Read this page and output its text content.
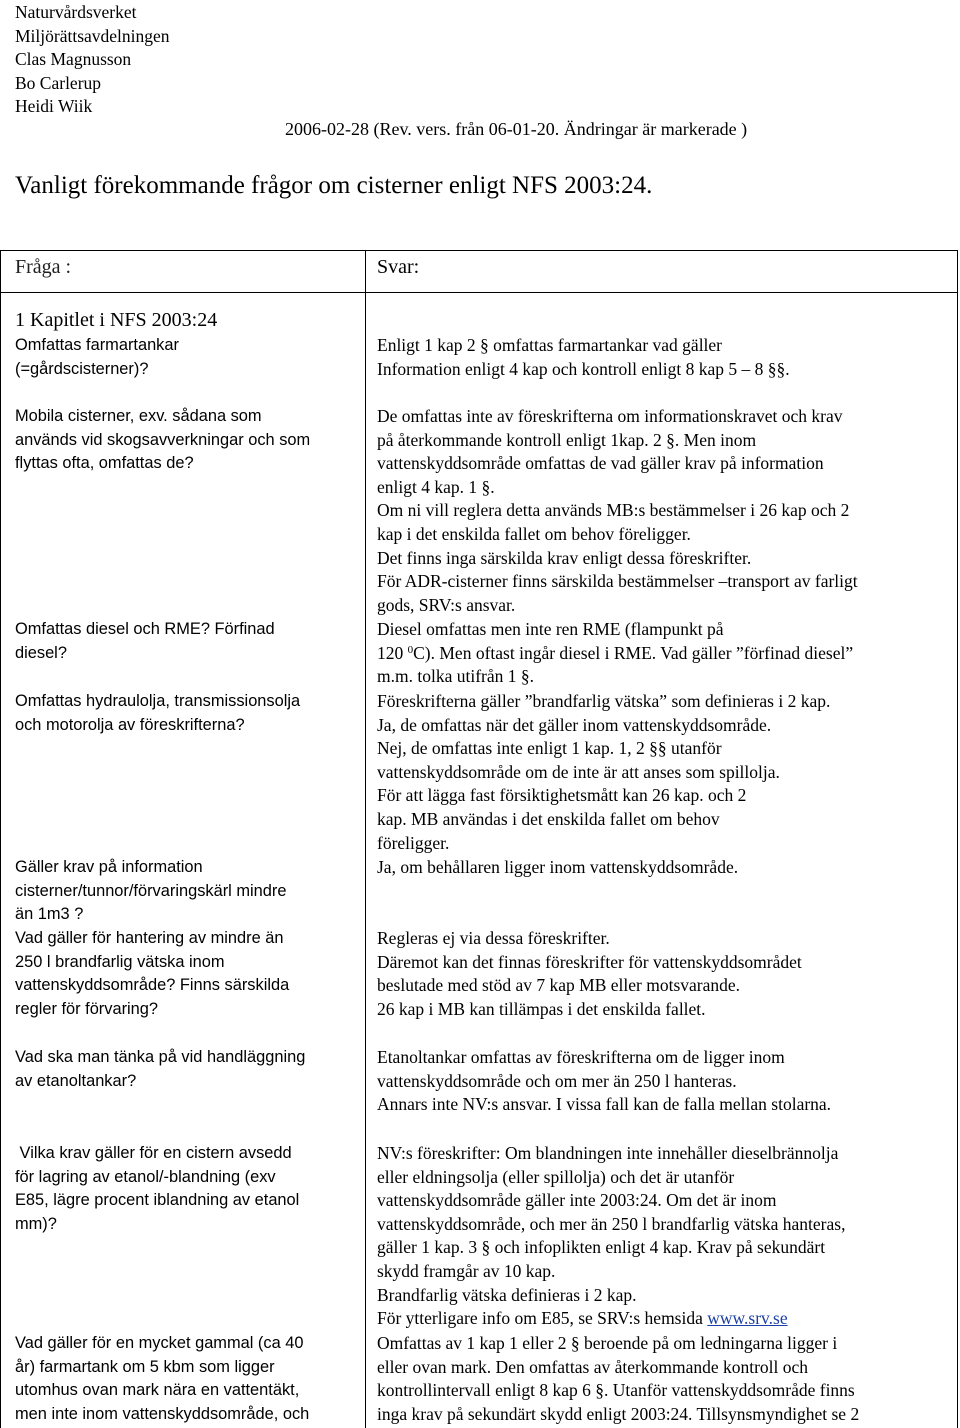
Naturvårdsverket
Miljörättsavdelningen
Clas Magnusson
Bo Carlerup
Heidi Wiik
2006-02-28 (Rev. vers. från 06-01-20. Ändringar är markerade )
Vanligt förekommande frågor om cisterner enligt NFS 2003:24.
Fråga :	Svar:
1 Kapitlet i NFS 2003:24
Omfattas farmartankar
(=gårdscisterner)?
Enligt 1 kap 2 § omfattas farmartankar vad gäller
Information enligt 4 kap och kontroll enligt 8 kap 5 – 8 §§.
Mobila cisterner, exv. sådana som
används vid skogsavverkningar och som
flyttas ofta, omfattas de?
De omfattas inte av föreskrifterna om informationskravet och krav
på återkommande kontroll enligt 1kap. 2 §. Men inom
vattenskyddsområde omfattas de vad gäller krav på information
enligt 4 kap. 1 §.
Om ni vill reglera detta används MB:s bestämmelser i 26 kap och 2
kap i det enskilda fallet om behov föreligger.
Det finns inga särskilda krav enligt dessa föreskrifter.
För ADR-cisterner finns särskilda bestämmelser –transport av farligt
gods, SRV:s ansvar.
Omfattas diesel och RME? Förfinad
diesel?
Diesel omfattas men inte ren RME (flampunkt på
120 $^0$C). Men oftast ingår diesel i RME. Vad gäller ”förfinad diesel”
m.m. tolka utifrån 1 §.
Omfattas hydraulolja, transmissionsolja
och motorolja av föreskrifterna?
Föreskrifterna gäller ”brandfarlig vätska” som definieras i 2 kap.
Ja, de omfattas när det gäller inom vattenskyddsområde.
Nej, de omfattas inte enligt 1 kap. 1, 2 §§ utanför
vattenskyddsområde om de inte är att anses som spillolja.
För att lägga fast försiktighetsmått kan 26 kap. och 2
kap. MB användas i det enskilda fallet om behov
föreligger.
Gäller krav på information
cisterner/tunnor/förvaringskärl mindre
än 1m3 ?
Ja, om behållaren ligger inom vattenskyddsområde.
Vad gäller för hantering av mindre än
250 l brandfarlig vätska inom
vattenskyddsområde? Finns särskilda
regler för förvaring?
Regleras ej via dessa föreskrifter.
Däremot kan det finnas föreskrifter för vattenskyddsområdet
beslutade med stöd av 7 kap MB eller motsvarande.
26 kap i MB kan tillämpas i det enskilda fallet.
Vad ska man tänka på vid handläggning
av etanoltankar?
Etanoltankar omfattas av föreskrifterna om de ligger inom
vattenskyddsområde och om mer än 250 l hanteras.
Annars inte NV:s ansvar. I vissa fall kan de falla mellan stolarna.
Vilka krav gäller för en cistern avsedd
för lagring av etanol/-blandning (exv
E85, lägre procent iblandning av etanol
mm)?
NV:s föreskrifter: Om blandningen inte innehåller dieselbrännolja
eller eldningsolja (eller spillolja) och det är utanför
vattenskyddsområde gäller inte 2003:24. Om det är inom
vattenskyddsområde, och mer än 250 l brandfarlig vätska hanteras,
gäller 1 kap. 3 § och infoplikten enligt 4 kap. Krav på sekundärt
skydd framgår av 10 kap.
Brandfarlig vätska definieras i 2 kap.
För ytterligare info om E85, se SRV:s hemsida www.srv.se
Vad gäller för en mycket gammal (ca 40
år) farmartank om 5 kbm som ligger
utomhus ovan mark nära en vattentäkt,
men inte inom vattenskyddsområde, och
Omfattas av 1 kap 1 eller 2 § beroende på om ledningarna ligger i
eller ovan mark. Den omfattas av återkommande kontroll och
kontrollintervall enligt 8 kap 6 §. Utanför vattenskyddsområde finns
inga krav på sekundärt skydd enligt 2003:24. Tillsynsmyndighet se 2
